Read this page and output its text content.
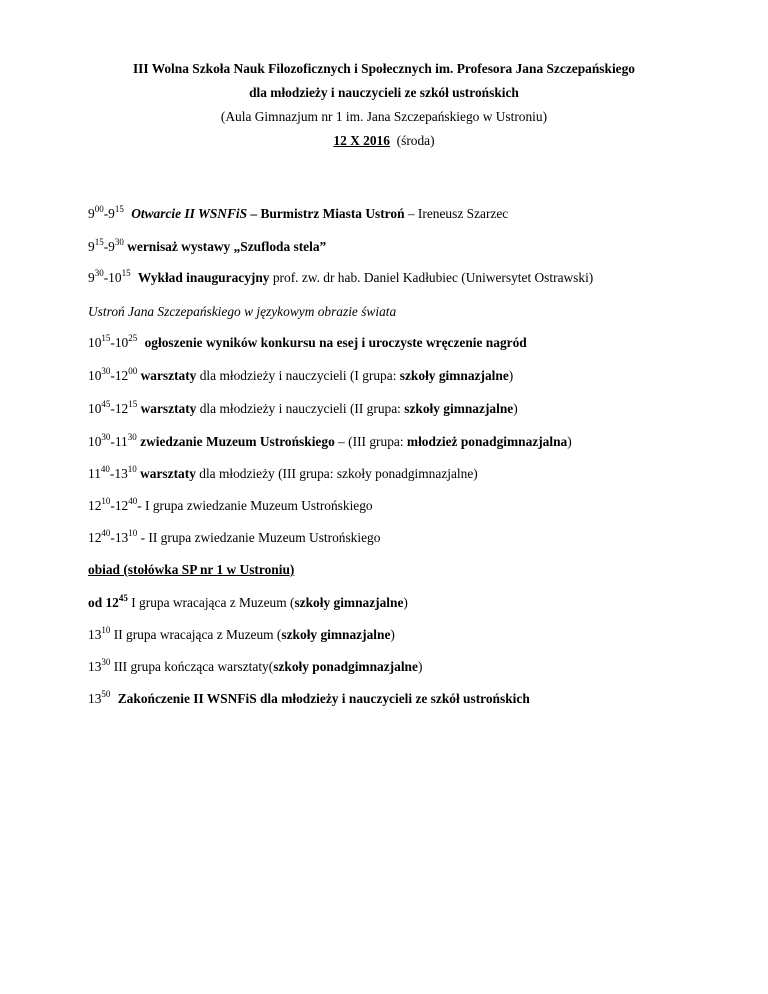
III Wolna Szkoła Nauk Filozoficznych i Społecznych im. Profesora Jana Szczepańskiego
dla młodzieży i nauczycieli ze szkół ustrońskich
(Aula Gimnazjum nr 1 im. Jana Szczepańskiego w Ustroniu)
12 X 2016 (środa)
$9^{00}-9^{15}$ Otwarcie II WSNFiS – Burmistrz Miasta Ustroń – Ireneusz Szarzec
$9^{15}-9^{30}$ wernisaż wystawy „Szufloda stela”
$9^{30}-10^{15}$ Wykład inauguracyjny prof. zw. dr hab. Daniel Kadłubiec (Uniwersytet Ostrawski)
Ustroń Jana Szczepańskiego w językowym obrazie świata
$10^{15}-10^{25}$ ogłoszenie wyników konkursu na esej i uroczyste wręczenie nagród
$10^{30}-12^{00}$ warsztaty dla młodzieży i nauczycieli (I grupa: szkoły gimnazjalne)
$10^{45}-12^{15}$ warsztaty dla młodzieży i nauczycieli (II grupa: szkoły gimnazjalne)
$10^{30}-11^{30}$ zwiedzanie Muzeum Ustrońskiego – (III grupa: młodzież ponadgimnazjalna)
$11^{40}-13^{10}$ warsztaty dla młodzieży (III grupa: szkoły ponadgimnazjalne)
$12^{10}-12^{40}-$ I grupa zwiedzanie Muzeum Ustrońskiego
$12^{40}-13^{10}$ - II grupa zwiedzanie Muzeum Ustrońskiego
obiad (stołówka SP nr 1 w Ustroniu)
od $12^{45}$ I grupa wracająca z Muzeum (szkoły gimnazjalne)
$13^{10}$ II grupa wracająca z Muzeum (szkoły gimnazjalne)
$13^{30}$ III grupa kończąca warsztaty(szkoły ponadgimnazjalne)
$13^{50}$ Zakończenie II WSNFiS dla młodzieży i nauczycieli ze szkół ustrońskich
